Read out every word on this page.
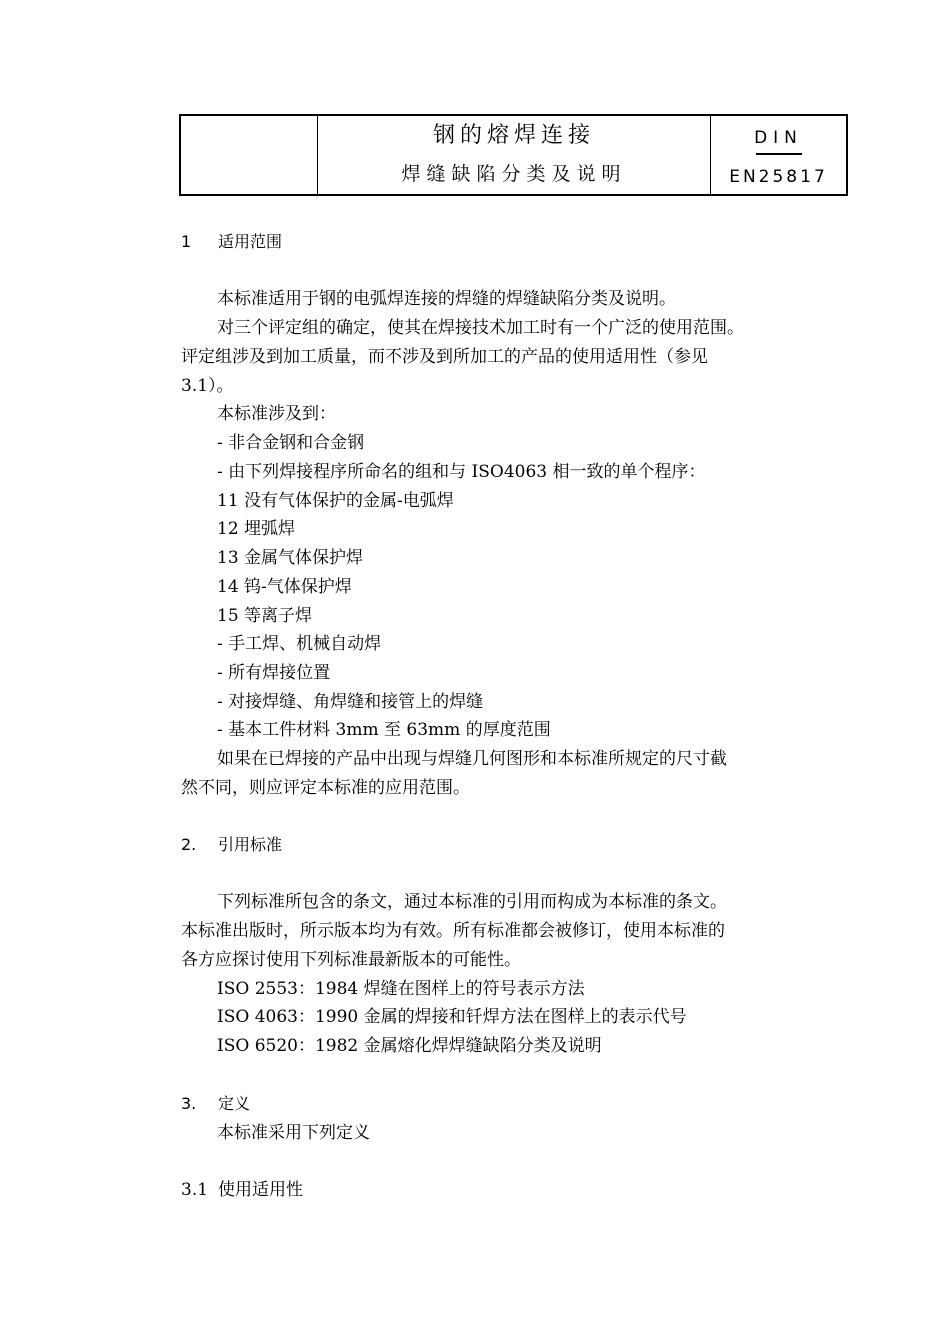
钢的熔焊连接
焊缝缺陷分类及说明
DIN
EN25817
1 适用范围
本标准适用于钢的电弧焊连接的焊缝的焊缝缺陷分类及说明。
对三个评定组的确定，使其在焊接技术加工时有一个广泛的使用范围。
评定组涉及到加工质量，而不涉及到所加工的产品的使用适用性（参见
3.1）。
本标准涉及到：
- 非合金钢和合金钢
- 由下列焊接程序所命名的组和与 ISO4063 相一致的单个程序：
11 没有气体保护的金属-电弧焊
12 埋弧焊
13 金属气体保护焊
14 钨-气体保护焊
15 等离子焊
- 手工焊、机械自动焊
- 所有焊接位置
- 对接焊缝、角焊缝和接管上的焊缝
- 基本工件材料 3mm 至 63mm 的厚度范围
如果在已焊接的产品中出现与焊缝几何图形和本标准所规定的尺寸截
然不同，则应评定本标准的应用范围。
2. 引用标准
下列标准所包含的条文，通过本标准的引用而构成为本标准的条文。
本标准出版时，所示版本均为有效。所有标准都会被修订，使用本标准的
各方应探讨使用下列标准最新版本的可能性。
ISO 2553：1984 焊缝在图样上的符号表示方法
ISO 4063：1990 金属的焊接和钎焊方法在图样上的表示代号
ISO 6520：1982 金属熔化焊焊缝缺陷分类及说明
3. 定义
本标准采用下列定义
3.1 使用适用性
